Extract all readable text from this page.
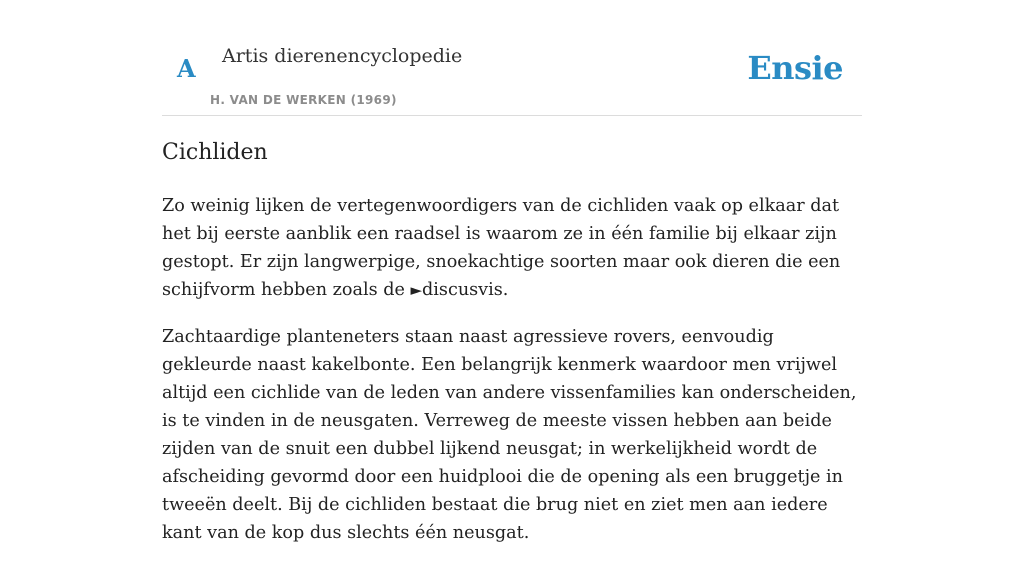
A Artis dierenencyclopedie
H. VAN DE WERKEN (1969)
Ensie
Cichliden

Zo weinig lijken de vertegenwoordigers van de cichliden vaak op elkaar dat het bij eerste aanblik een raadsel is waarom ze in één familie bij elkaar zijn gestopt. Er zijn langwerpige, snoekachtige soorten maar ook dieren die een schijfvorm hebben zoals de ►discusvis.

Zachtaardige planteneters staan naast agressieve rovers, eenvoudig gekleurde naast kakelbonte. Een belangrijk kenmerk waardoor men vrijwel altijd een cichlide van de leden van andere vissenfamilies kan onderscheiden, is te vinden in de neusgaten. Verreweg de meeste vissen hebben aan beide zijden van de snuit een dubbel lijkend neusgat; in werkelijkheid wordt de afscheiding gevormd door een huidplooi die de opening als een bruggetje in tweeën deelt. Bij de cichliden bestaat die brug niet en ziet men aan iedere kant van de kop dus slechts één neusgat.
